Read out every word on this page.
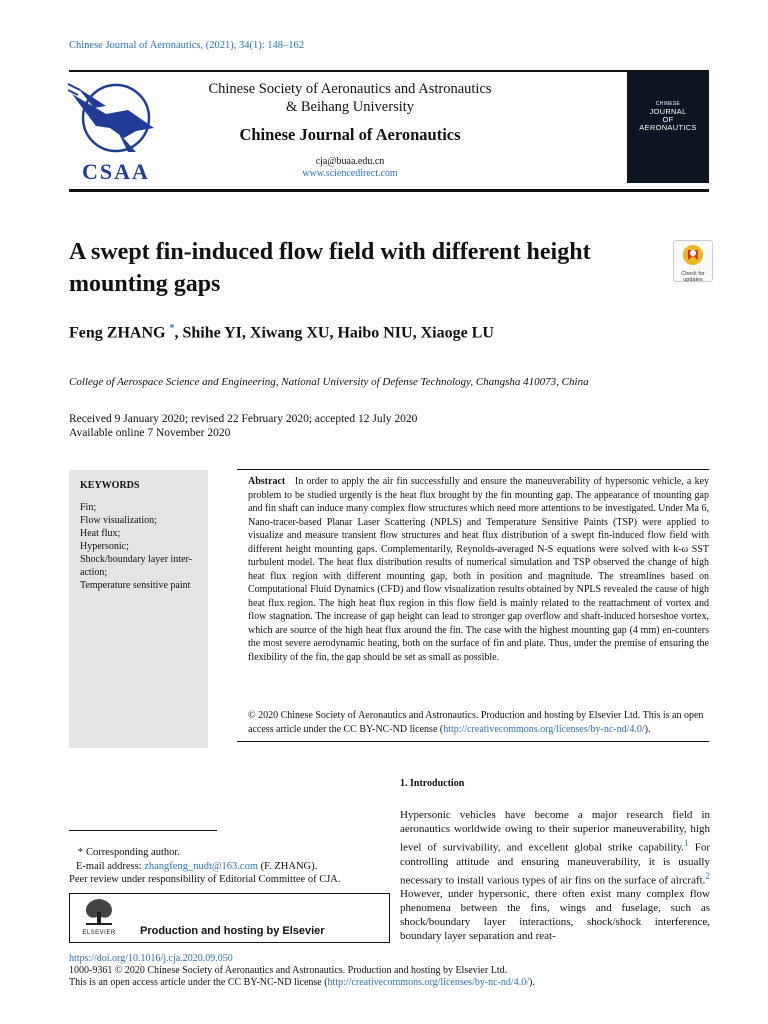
Chinese Journal of Aeronautics, (2021), 34(1): 148–162
CSAA
Chinese Society of Aeronautics and Astronautics
& Beihang University
Chinese Journal of Aeronautics
cja@buaa.edu.cn
www.sciencedirect.com
CHINESE
JOURNAL
OF
AERONAUTICS
A swept fin-induced flow field with different height mounting gaps	Check for updates
Feng ZHANG *, Shihe YI, Xiwang XU, Haibo NIU, Xiaoge LU
College of Aerospace Science and Engineering, National University of Defense Technology, Changsha 410073, China
Received 9 January 2020; revised 22 February 2020; accepted 12 July 2020
Available online 7 November 2020
KEYWORDS
Fin;
Flow visualization;
Heat flux;
Hypersonic;
Shock/boundary layer inter-action;
Temperature sensitive paint
Abstract In order to apply the air fin successfully and ensure the maneuverability of hypersonic vehicle, a key problem to be studied urgently is the heat flux brought by the fin mounting gap. The appearance of mounting gap and fin shaft can induce many complex flow structures which need more attentions to be investigated. Under Ma 6, Nano-tracer-based Planar Laser Scattering (NPLS) and Temperature Sensitive Paints (TSP) were applied to visualize and measure transient flow structures and heat flux distribution of a swept fin-induced flow field with different height mounting gaps. Complementarily, Reynolds-averaged N-S equations were solved with k-ω SST turbulent model. The heat flux distribution results of numerical simulation and TSP observed the change of high heat flux region with different mounting gap, both in position and magnitude. The streamlines based on Computational Fluid Dynamics (CFD) and flow visualization results obtained by NPLS revealed the cause of high heat flux region. The high heat flux region in this flow field is mainly related to the reattachment of vortex and flow stagnation. The increase of gap height can lead to stronger gap overflow and shaft-induced horseshoe vortex, which are source of the high heat flux around the fin. The case with the highest mounting gap (4 mm) en-counters the most severe aerodynamic heating, both on the surface of fin and plate. Thus, under the premise of ensuring the flexibility of the fin, the gap should be set as small as possible.
© 2020 Chinese Society of Aeronautics and Astronautics. Production and hosting by Elsevier Ltd. This is an open access article under the CC BY-NC-ND license (http://creativecommons.org/licenses/by-nc-nd/4.0/).
1. Introduction
Hypersonic vehicles have become a major research field in aeronautics worldwide owing to their superior maneuverability, high level of survivability, and excellent global strike capability.$^1$ For controlling attitude and ensuring maneuverability, it is usually necessary to install various types of air fins on the surface of aircraft.$^2$ However, under hypersonic, there often exist many complex flow phenomena between the fins, wings and fuselage, such as shock/boundary layer interactions, shock/shock interference, boundary layer separation and reat-
* Corresponding author.
E-mail address: zhangfeng_nudt@163.com (F. ZHANG).
Peer review under responsibility of Editorial Committee of CJA.
ELSEVIER	Production and hosting by Elsevier
https://doi.org/10.1016/j.cja.2020.09.050
1000-9361 © 2020 Chinese Society of Aeronautics and Astronautics. Production and hosting by Elsevier Ltd.
This is an open access article under the CC BY-NC-ND license (http://creativecommons.org/licenses/by-nc-nd/4.0/).
